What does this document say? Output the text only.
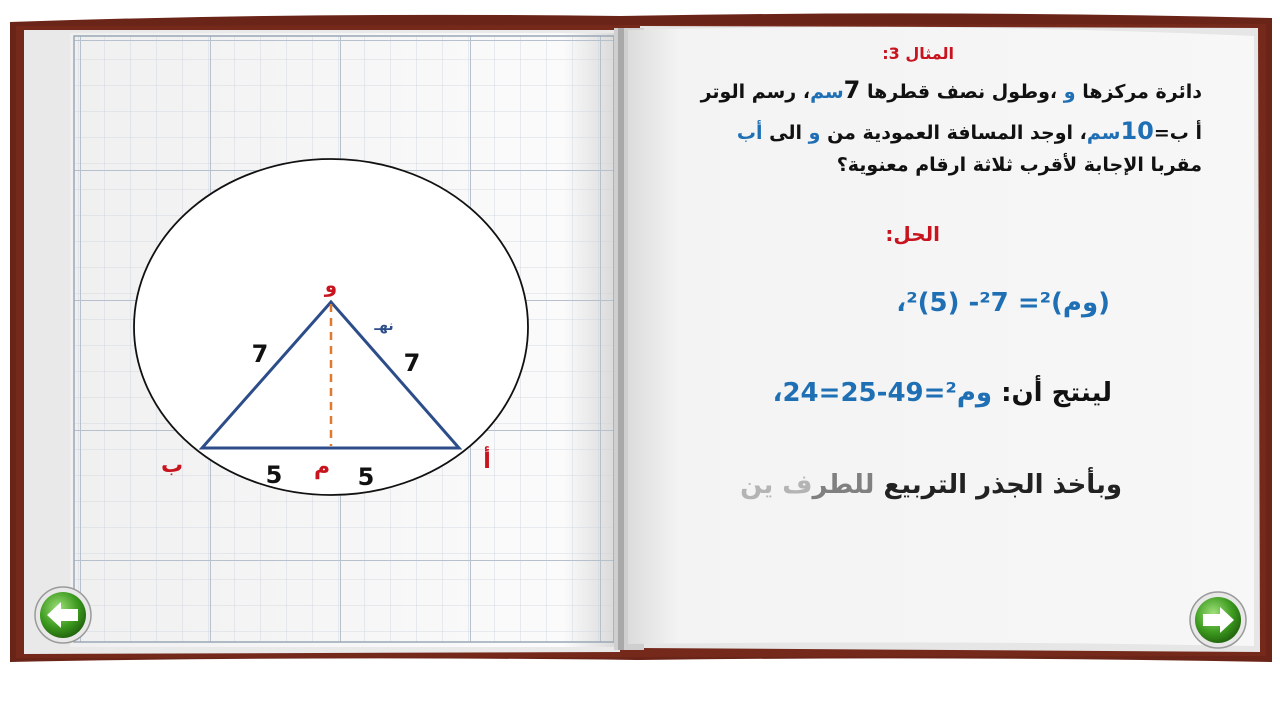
و
7	7
ب	أ
م
5	5
نهـ
المثال 3:
دائرة مركزها و ،وطول نصف قطرها 7سم، رسم الوتر
أ ب=10سم، اوجد المسافة العمودية من و الى أب
مقربا الإجابة لأقرب ثلاثة ارقام معنوية؟
الحل:
(وم)²= ²7- (5)²،
لينتج أن: وم²=49-25=24،
وبأخذ الجذر التربيع للطرف ين
